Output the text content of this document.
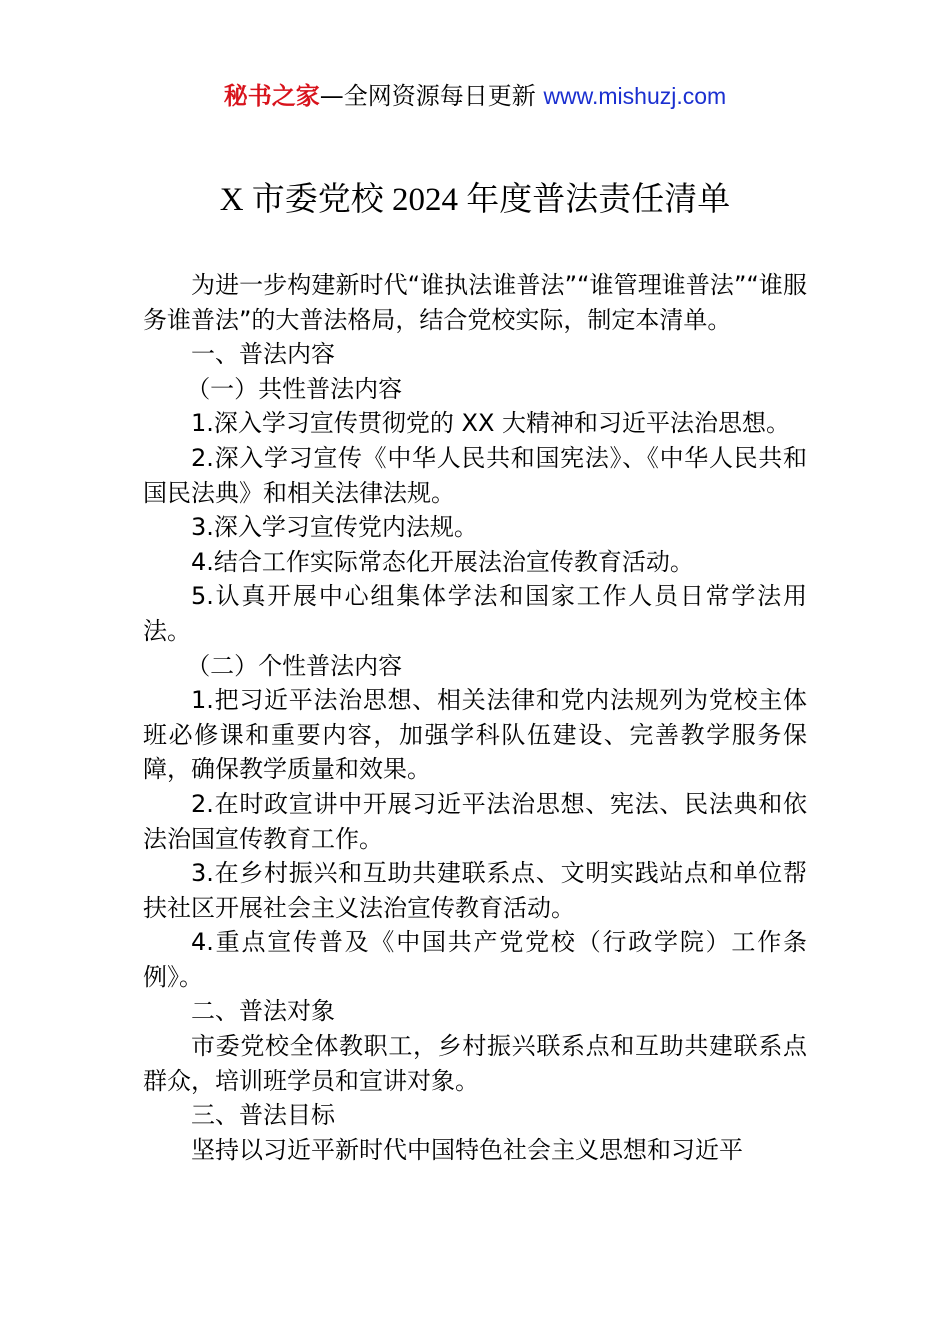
秘书之家—全网资源每日更新 www.mishuzj.com
X 市委党校 2024 年度普法责任清单

为进一步构建新时代“谁执法谁普法”“谁管理谁普法”“谁服务谁普法”的大普法格局，结合党校实际，制定本清单。

一、普法内容

（一）共性普法内容

1.深入学习宣传贯彻党的 XX 大精神和习近平法治思想。

2.深入学习宣传《中华人民共和国宪法》、《中华人民共和国民法典》和相关法律法规。

3.深入学习宣传党内法规。

4.结合工作实际常态化开展法治宣传教育活动。

5.认真开展中心组集体学法和国家工作人员日常学法用法。

（二）个性普法内容

1.把习近平法治思想、相关法律和党内法规列为党校主体班必修课和重要内容，加强学科队伍建设、完善教学服务保障，确保教学质量和效果。

2.在时政宣讲中开展习近平法治思想、宪法、民法典和依法治国宣传教育工作。

3.在乡村振兴和互助共建联系点、文明实践站点和单位帮扶社区开展社会主义法治宣传教育活动。

4.重点宣传普及《中国共产党党校（行政学院）工作条例》。

二、普法对象

市委党校全体教职工，乡村振兴联系点和互助共建联系点群众，培训班学员和宣讲对象。

三、普法目标

坚持以习近平新时代中国特色社会主义思想和习近平
